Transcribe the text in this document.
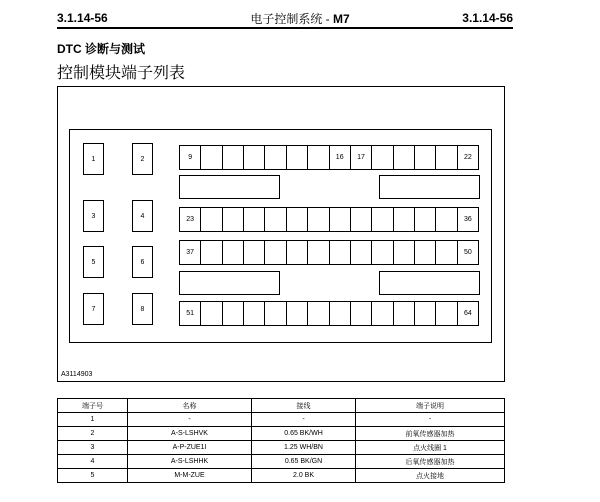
3.1.14-56	电子控制系统 - M7	3.1.14-56
DTC 诊断与测试
控制模块端子列表
1	2
3	4
5	6
7	8
9	16	17	22
23	36
37	50
51	64
A3114903
端子号	名称	接线	端子说明
1	-	-	-
2	A-S-LSHVK	0.65 BK/WH	前氧传感器加热
3	A-P-ZUE1I	1.25 WH/BN	点火线圈 1
4	A-S-LSHHK	0.65 BK/GN	后氧传感器加热
5	M-M-ZUE	2.0 BK	点火接地
